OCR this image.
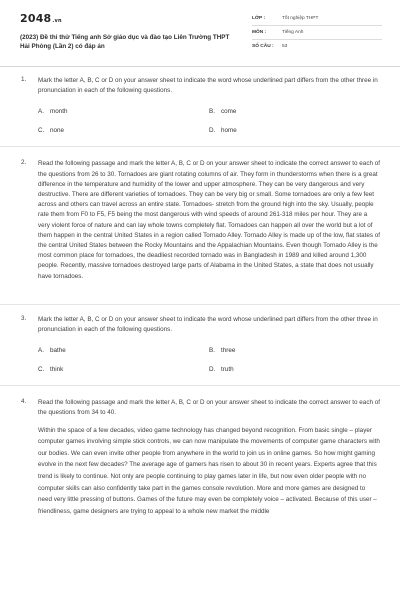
2048.vn
(2023) Đề thi thử Tiếng anh Sở giáo dục và đào tạo Liên Trường THPT Hải Phòng (Lần 2) có đáp án
LỚP :	Tốt nghiệp THPT
MÔN :	Tiếng Anh
SỐ CÂU :	53
1. Mark the letter A, B, C or D on your answer sheet to indicate the word whose underlined part differs from the other three in pronunciation in each of the following questions.
A. month	B. come
C. none	D. home
2. Read the following passage and mark the letter A, B, C or D on your answer sheet to indicate the correct answer to each of the questions from 26 to 30. Tornadoes are giant rotating columns of air. They form in thunderstorms when there is a great difference in the temperature and humidity of the lower and upper atmosphere. They can be very dangerous and very destructive. There are different varieties of tornadoes. They can be very big or small. Some tornadoes are only a few feet across and others can travel across an entire state. Tornadoes- stretch from the ground high into the sky. Usually, people rate them from F0 to F5, F5 being the most dangerous with wind speeds of around 261-318 miles per hour. They are a very violent force of nature and can lay whole towns completely flat. Tornadoes can happen all over the world but a lot of them happen in the central United States in a region called Tornado Alley. Tornado Alley is made up of the low, flat states of the central United States between the Rocky Mountains and the Appalachian Mountains. Even though Tornado Alley is the most common place for tornadoes, the deadliest recorded tornado was in Bangladesh in 1989 and killed around 1,300 people. Recently, massive tornadoes destroyed large parts of Alabama in the United States, a state that does not usually have tornadoes.
3. Mark the letter A, B, C or D on your answer sheet to indicate the word whose underlined part differs from the other three in pronunciation in each of the following questions.
A. bathe	B. three
C. think	D. truth
4. Read the following passage and mark the letter A, B, C or D on your answer sheet to indicate the correct answer to each of the questions from 34 to 40.
Within the space of a few decades, video game technology has changed beyond recognition. From basic single – player computer games involving simple stick controls, we can now manipulate the movements of computer game characters with our bodies. We can even invite other people from anywhere in the world to join us in online games. So how might gaming evolve in the next few decades? The average age of gamers has risen to about 30 in recent years. Experts agree that this trend is likely to continue. Not only are people continuing to play games later in life, but now even older people with no computer skills can also confidently take part in the games console revolution. More and more games are designed to need very little pressing of buttons. Games of the future may even be completely voice – activated. Because of this user – friendliness, game designers are trying to appeal to a whole new market the middle
